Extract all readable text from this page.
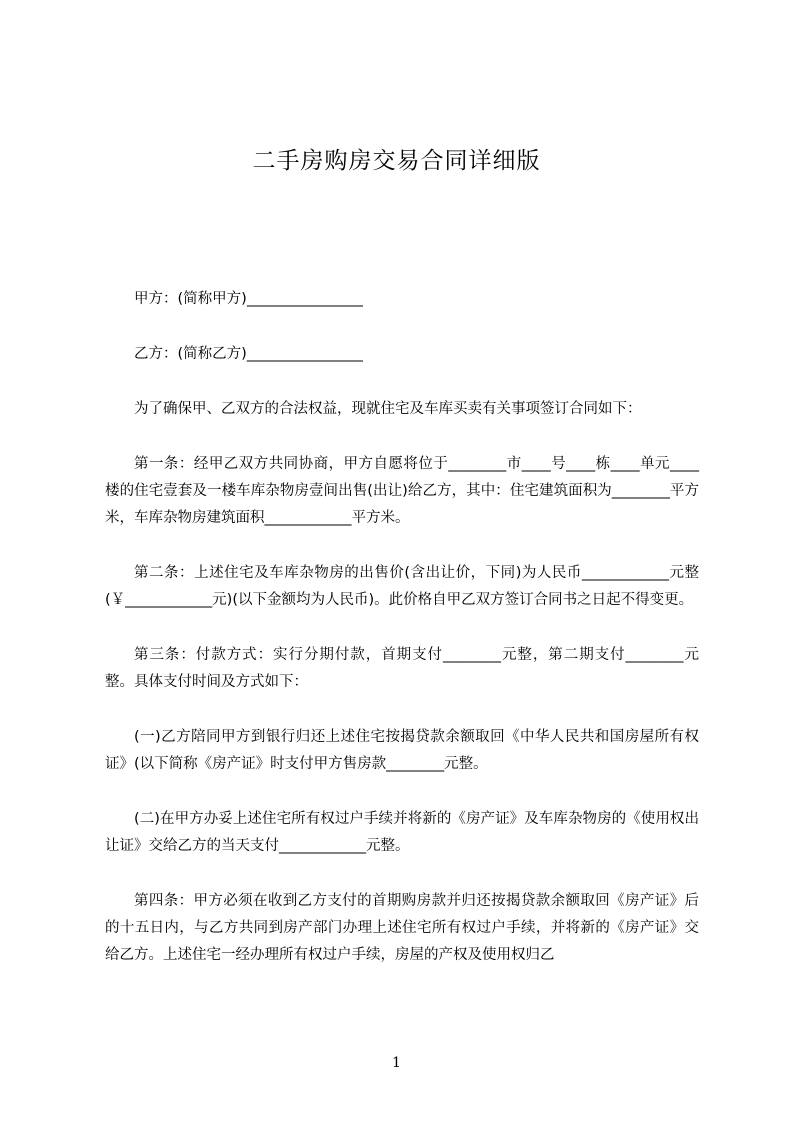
二手房购房交易合同详细版

甲方：(简称甲方)________________

乙方：(简称乙方)________________

为了确保甲、乙双方的合法权益，现就住宅及车库买卖有关事项签订合同如下：

第一条：经甲乙双方共同协商，甲方自愿将位于________市____号____栋____单元____楼的住宅壹套及一楼车库杂物房壹间出售(出让)给乙方，其中：住宅建筑面积为________平方米，车库杂物房建筑面积____________平方米。

第二条：上述住宅及车库杂物房的出售价(含出让价，下同)为人民币____________元整(￥____________元)(以下金额均为人民币)。此价格自甲乙双方签订合同书之日起不得变更。

第三条：付款方式：实行分期付款，首期支付________元整，第二期支付________元整。具体支付时间及方式如下：

(一)乙方陪同甲方到银行归还上述住宅按揭贷款余额取回《中华人民共和国房屋所有权证》(以下简称《房产证》时支付甲方售房款________元整。

(二)在甲方办妥上述住宅所有权过户手续并将新的《房产证》及车库杂物房的《使用权出让证》交给乙方的当天支付____________元整。

第四条：甲方必须在收到乙方支付的首期购房款并归还按揭贷款余额取回《房产证》后的十五日内，与乙方共同到房产部门办理上述住宅所有权过户手续，并将新的《房产证》交给乙方。上述住宅一经办理所有权过户手续，房屋的产权及使用权归乙

1
